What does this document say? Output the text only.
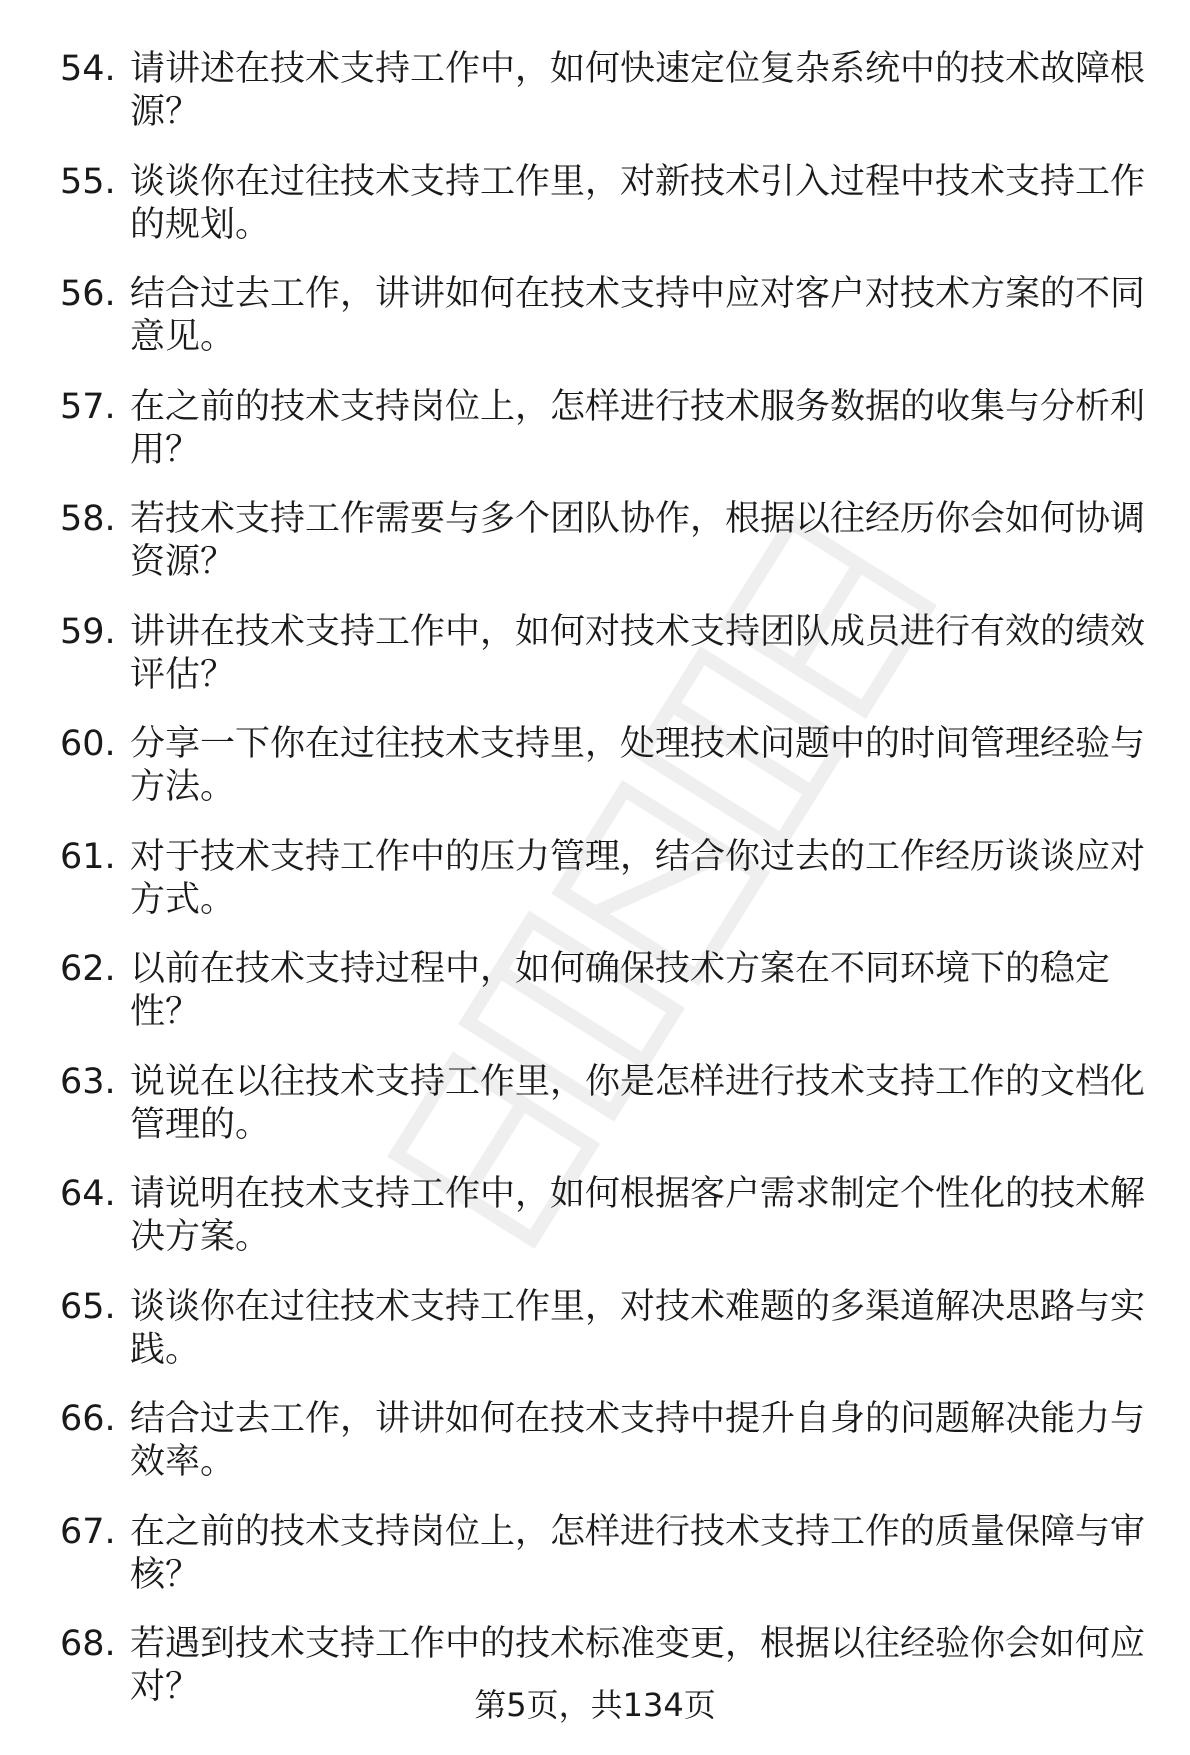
54. 请讲述在技术支持工作中，如何快速定位复杂系统中的技术故障根源？
55. 谈谈你在过往技术支持工作里，对新技术引入过程中技术支持工作的规划。
56. 结合过去工作，讲讲如何在技术支持中应对客户对技术方案的不同意见。
57. 在之前的技术支持岗位上，怎样进行技术服务数据的收集与分析利用？
58. 若技术支持工作需要与多个团队协作，根据以往经历你会如何协调资源？
59. 讲讲在技术支持工作中，如何对技术支持团队成员进行有效的绩效评估？
60. 分享一下你在过往技术支持里，处理技术问题中的时间管理经验与方法。
61. 对于技术支持工作中的压力管理，结合你过去的工作经历谈谈应对方式。
62. 以前在技术支持过程中，如何确保技术方案在不同环境下的稳定性？
63. 说说在以往技术支持工作里，你是怎样进行技术支持工作的文档化管理的。
64. 请说明在技术支持工作中，如何根据客户需求制定个性化的技术解决方案。
65. 谈谈你在过往技术支持工作里，对技术难题的多渠道解决思路与实践。
66. 结合过去工作，讲讲如何在技术支持中提升自身的问题解决能力与效率。
67. 在之前的技术支持岗位上，怎样进行技术支持工作的质量保障与审核？
68. 若遇到技术支持工作中的技术标准变更，根据以往经验你会如何应对？	第5页，共134页
